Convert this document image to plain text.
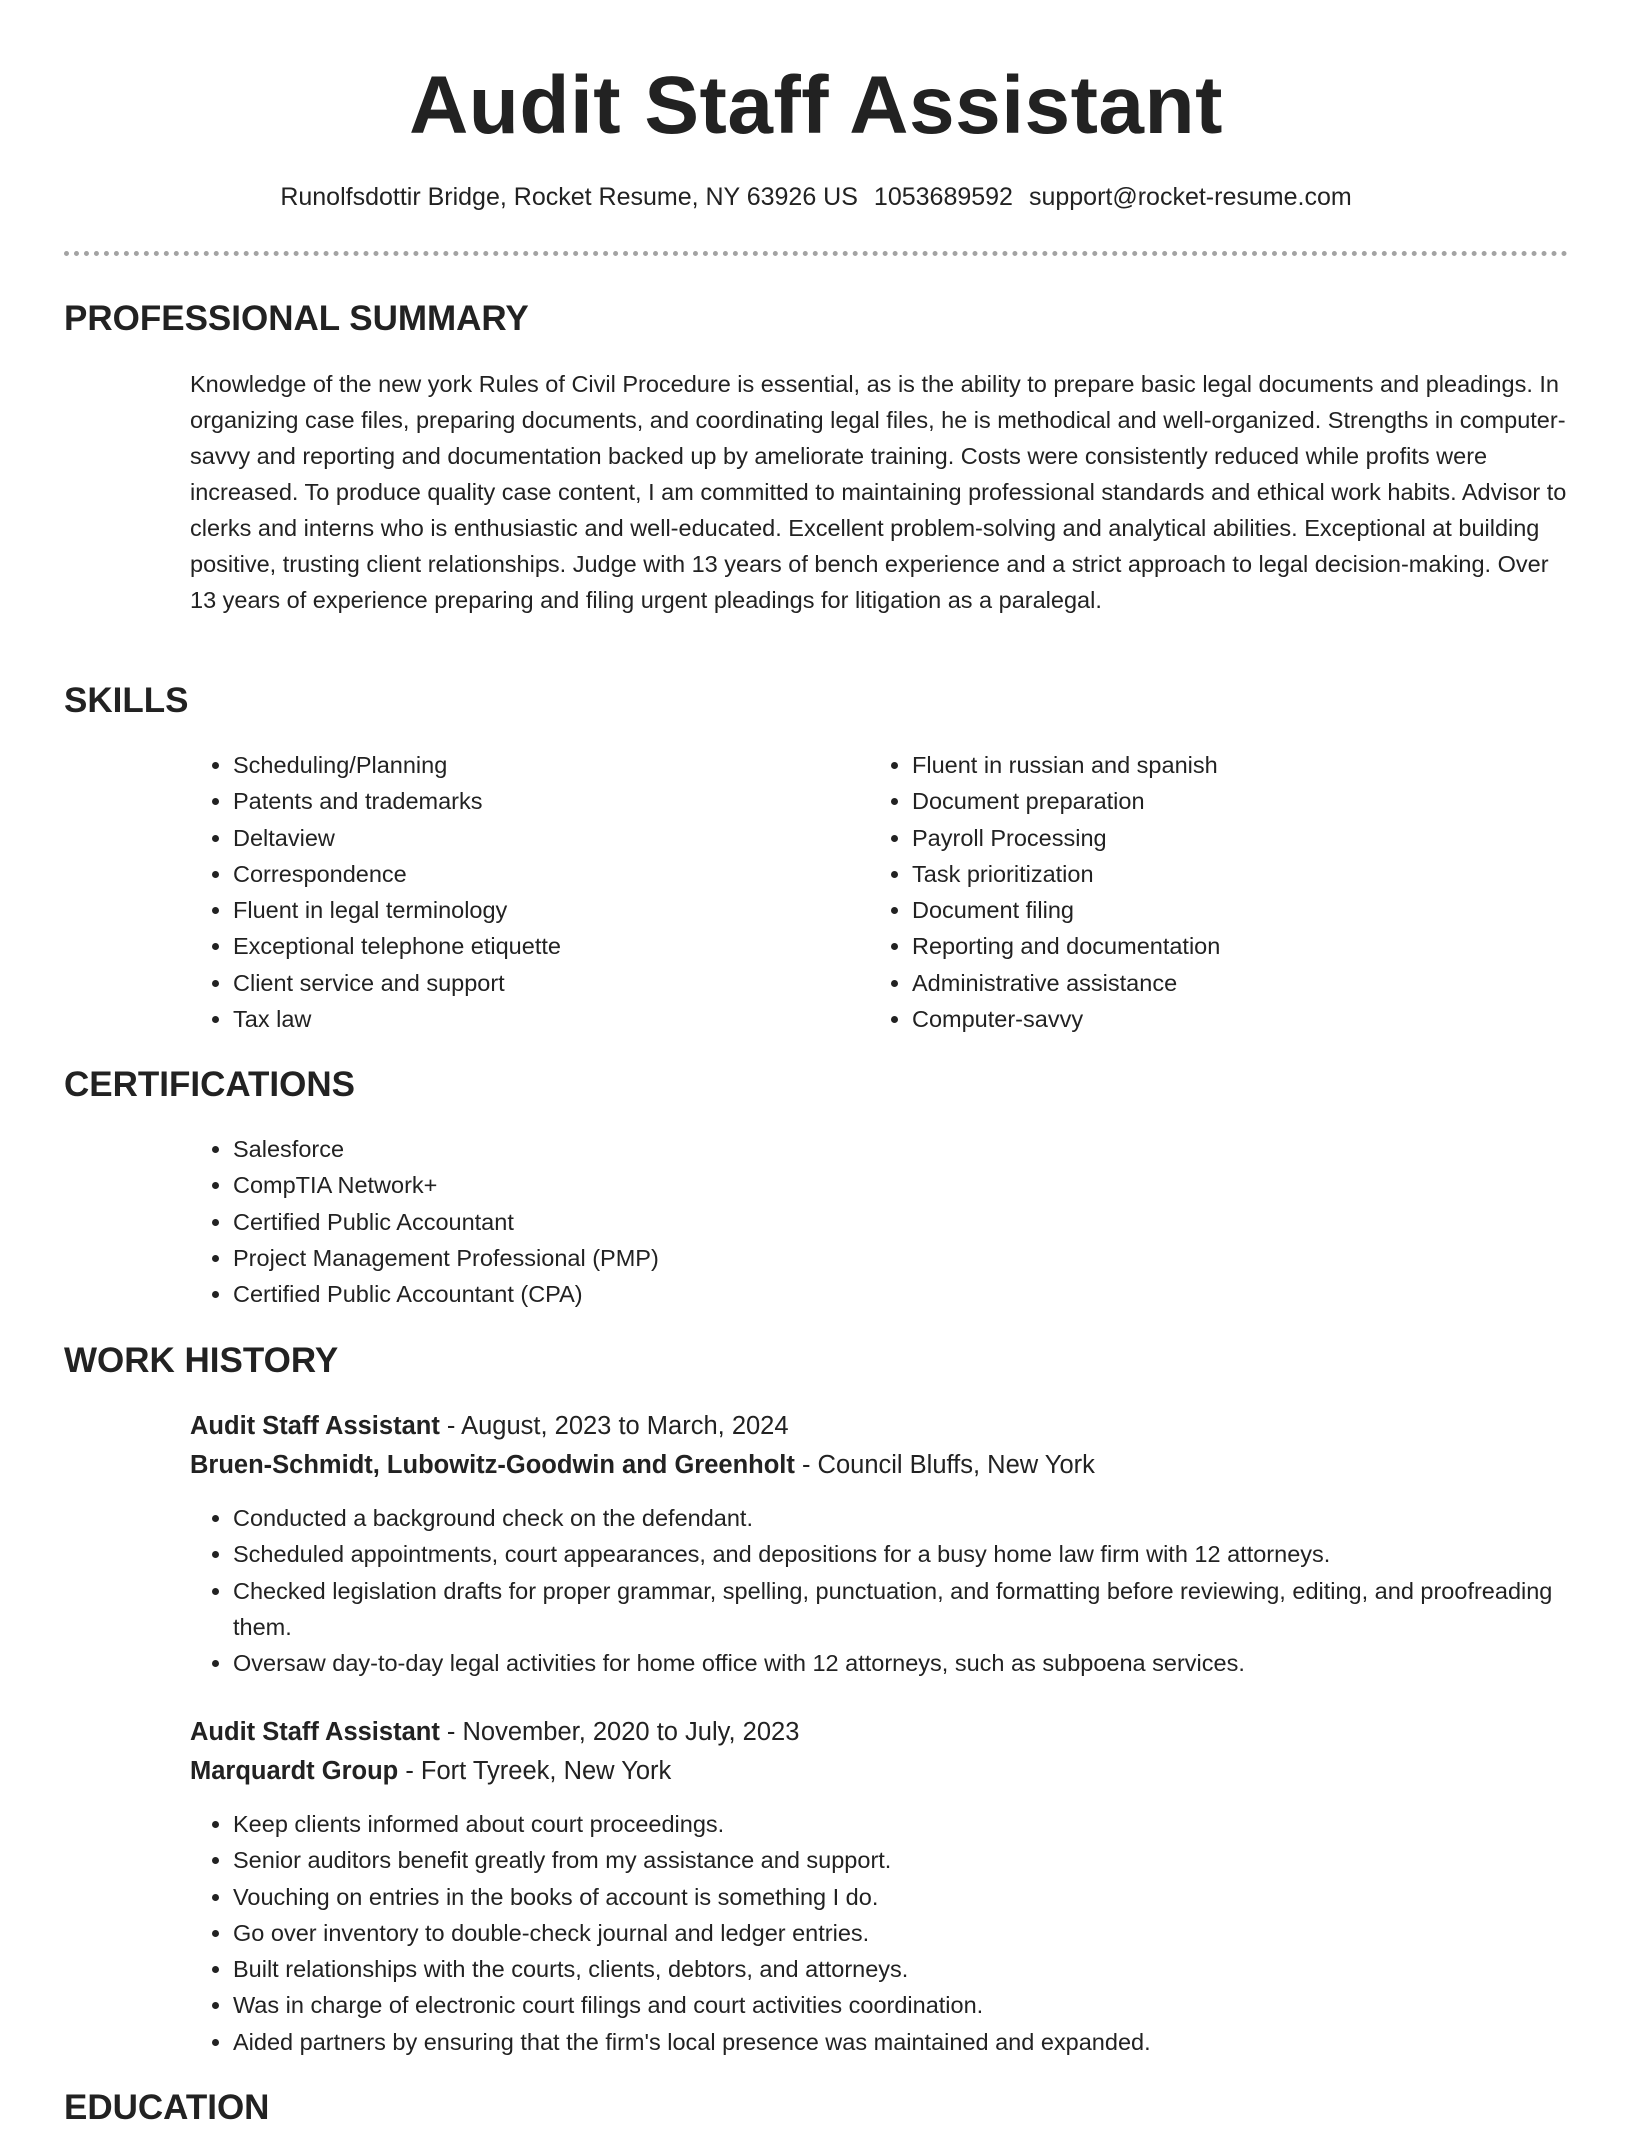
Audit Staff Assistant
Runolfsdottir Bridge, Rocket Resume, NY 63926 US 1053689592 support@rocket-resume.com
PROFESSIONAL SUMMARY

Knowledge of the new york Rules of Civil Procedure is essential, as is the ability to prepare basic legal documents and pleadings. In organizing case files, preparing documents, and coordinating legal files, he is methodical and well-organized. Strengths in computer-savvy and reporting and documentation backed up by ameliorate training. Costs were consistently reduced while profits were increased. To produce quality case content, I am committed to maintaining professional standards and ethical work habits. Advisor to clerks and interns who is enthusiastic and well-educated. Excellent problem-solving and analytical abilities. Exceptional at building positive, trusting client relationships. Judge with 13 years of bench experience and a strict approach to legal decision-making. Over 13 years of experience preparing and filing urgent pleadings for litigation as a paralegal.

SKILLS
• Scheduling/Planning
• Patents and trademarks
• Deltaview
• Correspondence
• Fluent in legal terminology
• Exceptional telephone etiquette
• Client service and support
• Tax law
• Fluent in russian and spanish
• Document preparation
• Payroll Processing
• Task prioritization
• Document filing
• Reporting and documentation
• Administrative assistance
• Computer-savvy
CERTIFICATIONS
• Salesforce
• CompTIA Network+
• Certified Public Accountant
• Project Management Professional (PMP)
• Certified Public Accountant (CPA)
WORK HISTORY
Audit Staff Assistant - August, 2023 to March, 2024
Bruen-Schmidt, Lubowitz-Goodwin and Greenholt - Council Bluffs, New York
• Conducted a background check on the defendant.
• Scheduled appointments, court appearances, and depositions for a busy home law firm with 12 attorneys.
• Checked legislation drafts for proper grammar, spelling, punctuation, and formatting before reviewing, editing, and proofreading them.
• Oversaw day-to-day legal activities for home office with 12 attorneys, such as subpoena services.
Audit Staff Assistant - November, 2020 to July, 2023
Marquardt Group - Fort Tyreek, New York
• Keep clients informed about court proceedings.
• Senior auditors benefit greatly from my assistance and support.
• Vouching on entries in the books of account is something I do.
• Go over inventory to double-check journal and ledger entries.
• Built relationships with the courts, clients, debtors, and attorneys.
• Was in charge of electronic court filings and court activities coordination.
• Aided partners by ensuring that the firm's local presence was maintained and expanded.
EDUCATION
